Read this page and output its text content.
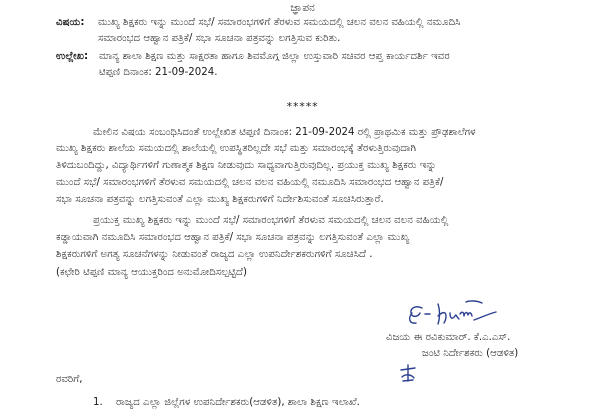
ಜ್ಞಾಪನ
ವಿಷಯ: ಮುಖ್ಯ ಶಿಕ್ಷಕರು ಇನ್ನು ಮುಂದೆ ಸಭೆ/ ಸಮಾರಂಭಗಳಿಗೆ ತೆರಳುವ ಸಮಯದಲ್ಲಿ ಚಲನ ವಲನ ವಹಿಯಲ್ಲಿ ನಮೂದಿಸಿ
ಸಮಾರಂಭದ ಆಹ್ವಾನ ಪತ್ರಿಕೆ/ ಸಭಾ ಸೂಚನಾ ಪತ್ರವನ್ನು ಲಗತ್ತಿಸುವ ಕುರಿತು.
ಉಲ್ಲೇಖ: ಮಾನ್ಯ ಶಾಲಾ ಶಿಕ್ಷಣ ಮತ್ತು ಸಾಕ್ಷರತಾ ಹಾಗೂ ಶಿವಮೊಗ್ಗ ಜಿಲ್ಲಾ ಉಸ್ತುವಾರಿ ಸಚಿವರ ಆಪ್ತ ಕಾರ್ಯದರ್ಶಿ ಇವರ
ಟಿಪ್ಪಣಿ ದಿನಾಂಕ: 21-09-2024.
*****
ಮೇಲಿನ ವಿಷಯ ಸಂಬಂಧಿಸಿದಂತೆ ಉಲ್ಲೇಖಿತ ಟಿಪ್ಪಣಿ ದಿನಾಂಕ: 21-09-2024 ರಲ್ಲಿ ಪ್ರಾಥಮಿಕ ಮತ್ತು ಪ್ರೌಢಶಾಲೆಗಳ
ಮುಖ್ಯ ಶಿಕ್ಷಕರು ಶಾಲೆಯ ಸಮಯದಲ್ಲಿ ಶಾಲೆಯಲ್ಲಿ ಉಪಸ್ಥಿತರಿಲ್ಲದೇ ಸಭೆ ಮತ್ತು ಸಮಾರಂಭಕ್ಕೆ ತೆರಳುತ್ತಿರುವುದಾಗಿ
ತಿಳಿದುಬಂದಿದ್ದು, ವಿದ್ಯಾರ್ಥಿಗಳಿಗೆ ಗುಣಾತ್ಮಕ ಶಿಕ್ಷಣ ನೀಡುವುದು ಸಾಧ್ಯವಾಗುತ್ತಿರುವುದಿಲ್ಲ. ಪ್ರಯುಕ್ತ ಮುಖ್ಯ ಶಿಕ್ಷಕರು ಇನ್ನು
ಮುಂದೆ ಸಭೆ/ ಸಮಾರಂಭಗಳಿಗೆ ತೆರಳುವ ಸಮಯದಲ್ಲಿ ಚಲನ ವಲನ ವಹಿಯಲ್ಲಿ ನಮೂದಿಸಿ ಸಮಾರಂಭದ ಆಹ್ವಾನ ಪತ್ರಿಕೆ/
ಸಭಾ ಸೂಚನಾ ಪತ್ರವನ್ನು ಲಗತ್ತಿಸುವಂತೆ ಎಲ್ಲಾ ಮುಖ್ಯ ಶಿಕ್ಷಕರುಗಳಿಗೆ ನಿರ್ದೇಶಿಸುವಂತೆ ಸೂಚಿಸಿರುತ್ತಾರೆ.
ಪ್ರಯುಕ್ತ ಮುಖ್ಯ ಶಿಕ್ಷಕರು ಇನ್ನು ಮುಂದೆ ಸಭೆ/ ಸಮಾರಂಭಗಳಿಗೆ ತೆರಳುವ ಸಮಯದಲ್ಲಿ ಚಲನ ವಲನ ವಹಿಯಲ್ಲಿ
ಕಡ್ಡಾಯವಾಗಿ ನಮೂದಿಸಿ ಸಮಾರಂಭದ ಆಹ್ವಾನ ಪತ್ರಿಕೆ/ ಸಭಾ ಸೂಚನಾ ಪತ್ರವನ್ನು ಲಗತ್ತಿಸುವಂತೆ ಎಲ್ಲಾ ಮುಖ್ಯ
ಶಿಕ್ಷಕರುಗಳಿಗೆ ಅಗತ್ಯ ಸೂಚನೆಗಳನ್ನು ನೀಡುವಂತೆ ರಾಜ್ಯದ ಎಲ್ಲಾ ಉಪನಿರ್ದೇಶಕರುಗಳಿಗೆ ಸೂಚಿಸಿದೆ .
(ಕಛೇರಿ ಟಿಪ್ಪಣಿ ಮಾನ್ಯ ಆಯುಕ್ತರಿಂದ ಅನುಮೋದಿಸಲ್ಪಟ್ಟಿದೆ)
ವಿಜಯ ಈ ರವಿಕುಮಾರ್. ಕೆ.ಎ.ಎಸ್.
ಜಂಟಿ ನಿರ್ದೇಶಕರು (ಆಡಳಿತ)
ರವರಿಗೆ,
1. ರಾಜ್ಯದ ಎಲ್ಲಾ ಜಿಲ್ಲೆಗಳ ಉಪನಿರ್ದೇಶಕರು(ಆಡಳಿತ), ಶಾಲಾ ಶಿಕ್ಷಣ ಇಲಾಖೆ.
